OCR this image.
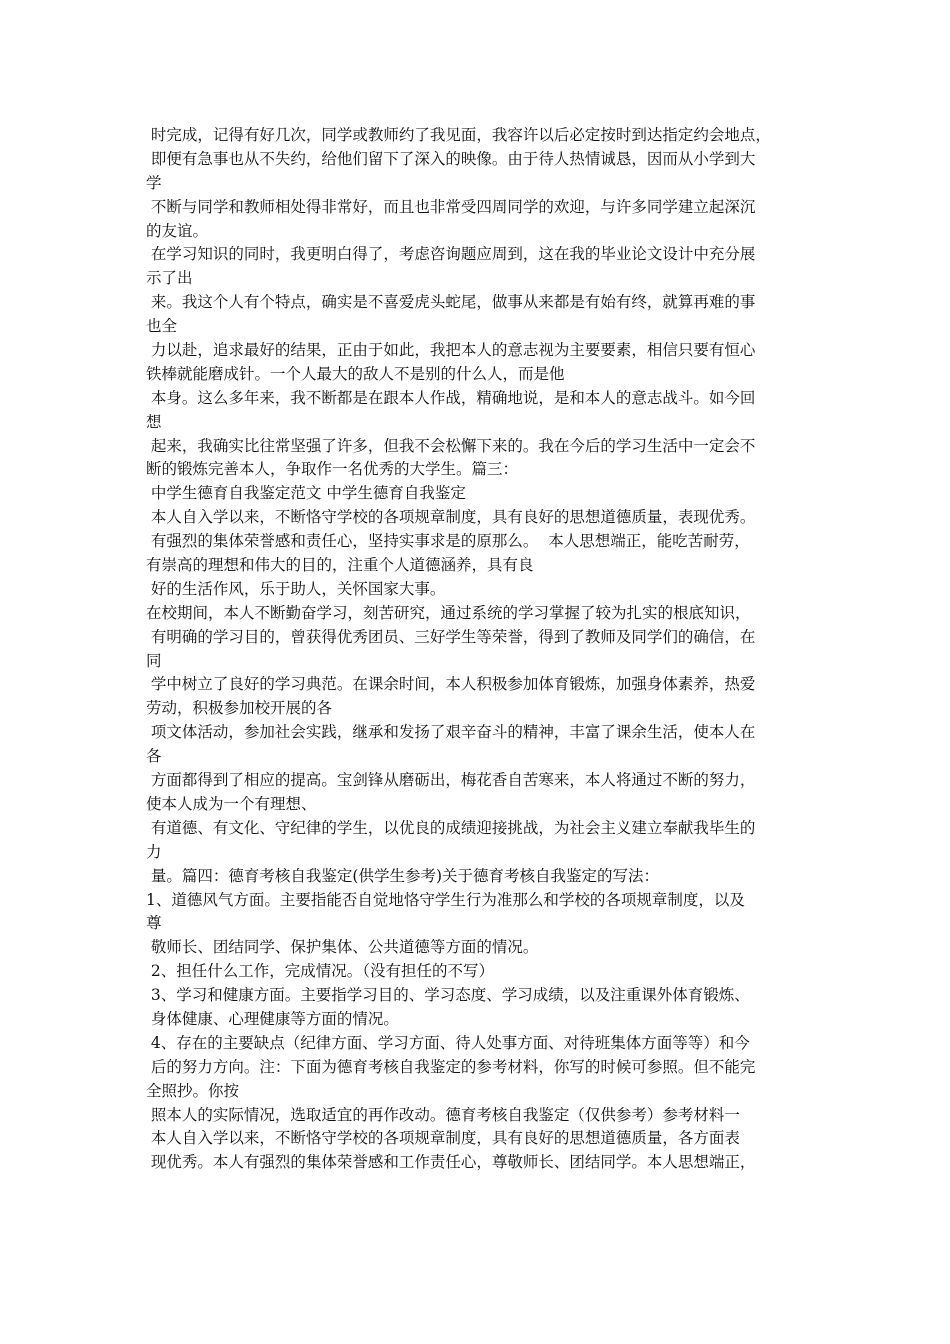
时完成，记得有好几次，同学或教师约了我见面，我容许以后必定按时到达指定约会地点，
即便有急事也从不失约，给他们留下了深入的映像。由于待人热情诚恳，因而从小学到大
学
不断与同学和教师相处得非常好，而且也非常受四周同学的欢迎，与许多同学建立起深沉
的友谊。
在学习知识的同时，我更明白得了，考虑咨询题应周到，这在我的毕业论文设计中充分展
示了出
来。我这个人有个特点，确实是不喜爱虎头蛇尾，做事从来都是有始有终，就算再难的事
也全
力以赴，追求最好的结果，正由于如此，我把本人的意志视为主要要素，相信只要有恒心
铁棒就能磨成针。一个人最大的敌人不是别的什么人，而是他
本身。这么多年来，我不断都是在跟本人作战，精确地说，是和本人的意志战斗。如今回
想
起来，我确实比往常坚强了许多，但我不会松懈下来的。我在今后的学习生活中一定会不
断的锻炼完善本人，争取作一名优秀的大学生。篇三：
中学生德育自我鉴定范文 中学生德育自我鉴定
本人自入学以来，不断恪守学校的各项规章制度，具有良好的思想道德质量，表现优秀。
有强烈的集体荣誉感和责任心，坚持实事求是的原那么。  本人思想端正，能吃苦耐劳，
有崇高的理想和伟大的目的，注重个人道德涵养，具有良
好的生活作风，乐于助人，关怀国家大事。
在校期间，本人不断勤奋学习，刻苦研究，通过系统的学习掌握了较为扎实的根底知识，
有明确的学习目的，曾获得优秀团员、三好学生等荣誉，得到了教师及同学们的确信，在
同
学中树立了良好的学习典范。在课余时间，本人积极参加体育锻炼，加强身体素养，热爱
劳动，积极参加校开展的各
项文体活动，参加社会实践，继承和发扬了艰辛奋斗的精神，丰富了课余生活，使本人在
各
方面都得到了相应的提高。宝剑锋从磨砺出，梅花香自苦寒来，本人将通过不断的努力，
使本人成为一个有理想、
有道德、有文化、守纪律的学生，以优良的成绩迎接挑战，为社会主义建立奉献我毕生的
力
量。篇四：德育考核自我鉴定(供学生参考)关于德育考核自我鉴定的写法：
1、道德风气方面。主要指能否自觉地恪守学生行为准那么和学校的各项规章制度，以及
尊
敬师长、团结同学、保护集体、公共道德等方面的情况。
2、担任什么工作，完成情况。（没有担任的不写）
3、学习和健康方面。主要指学习目的、学习态度、学习成绩，以及注重课外体育锻炼、
身体健康、心理健康等方面的情况。
4、存在的主要缺点（纪律方面、学习方面、待人处事方面、对待班集体方面等等）和今
后的努力方向。注：下面为德育考核自我鉴定的参考材料，你写的时候可参照。但不能完
全照抄。你按
照本人的实际情况，选取适宜的再作改动。德育考核自我鉴定（仅供参考）参考材料一
本人自入学以来，不断恪守学校的各项规章制度，具有良好的思想道德质量，各方面表
现优秀。本人有强烈的集体荣誉感和工作责任心，尊敬师长、团结同学。本人思想端正，
